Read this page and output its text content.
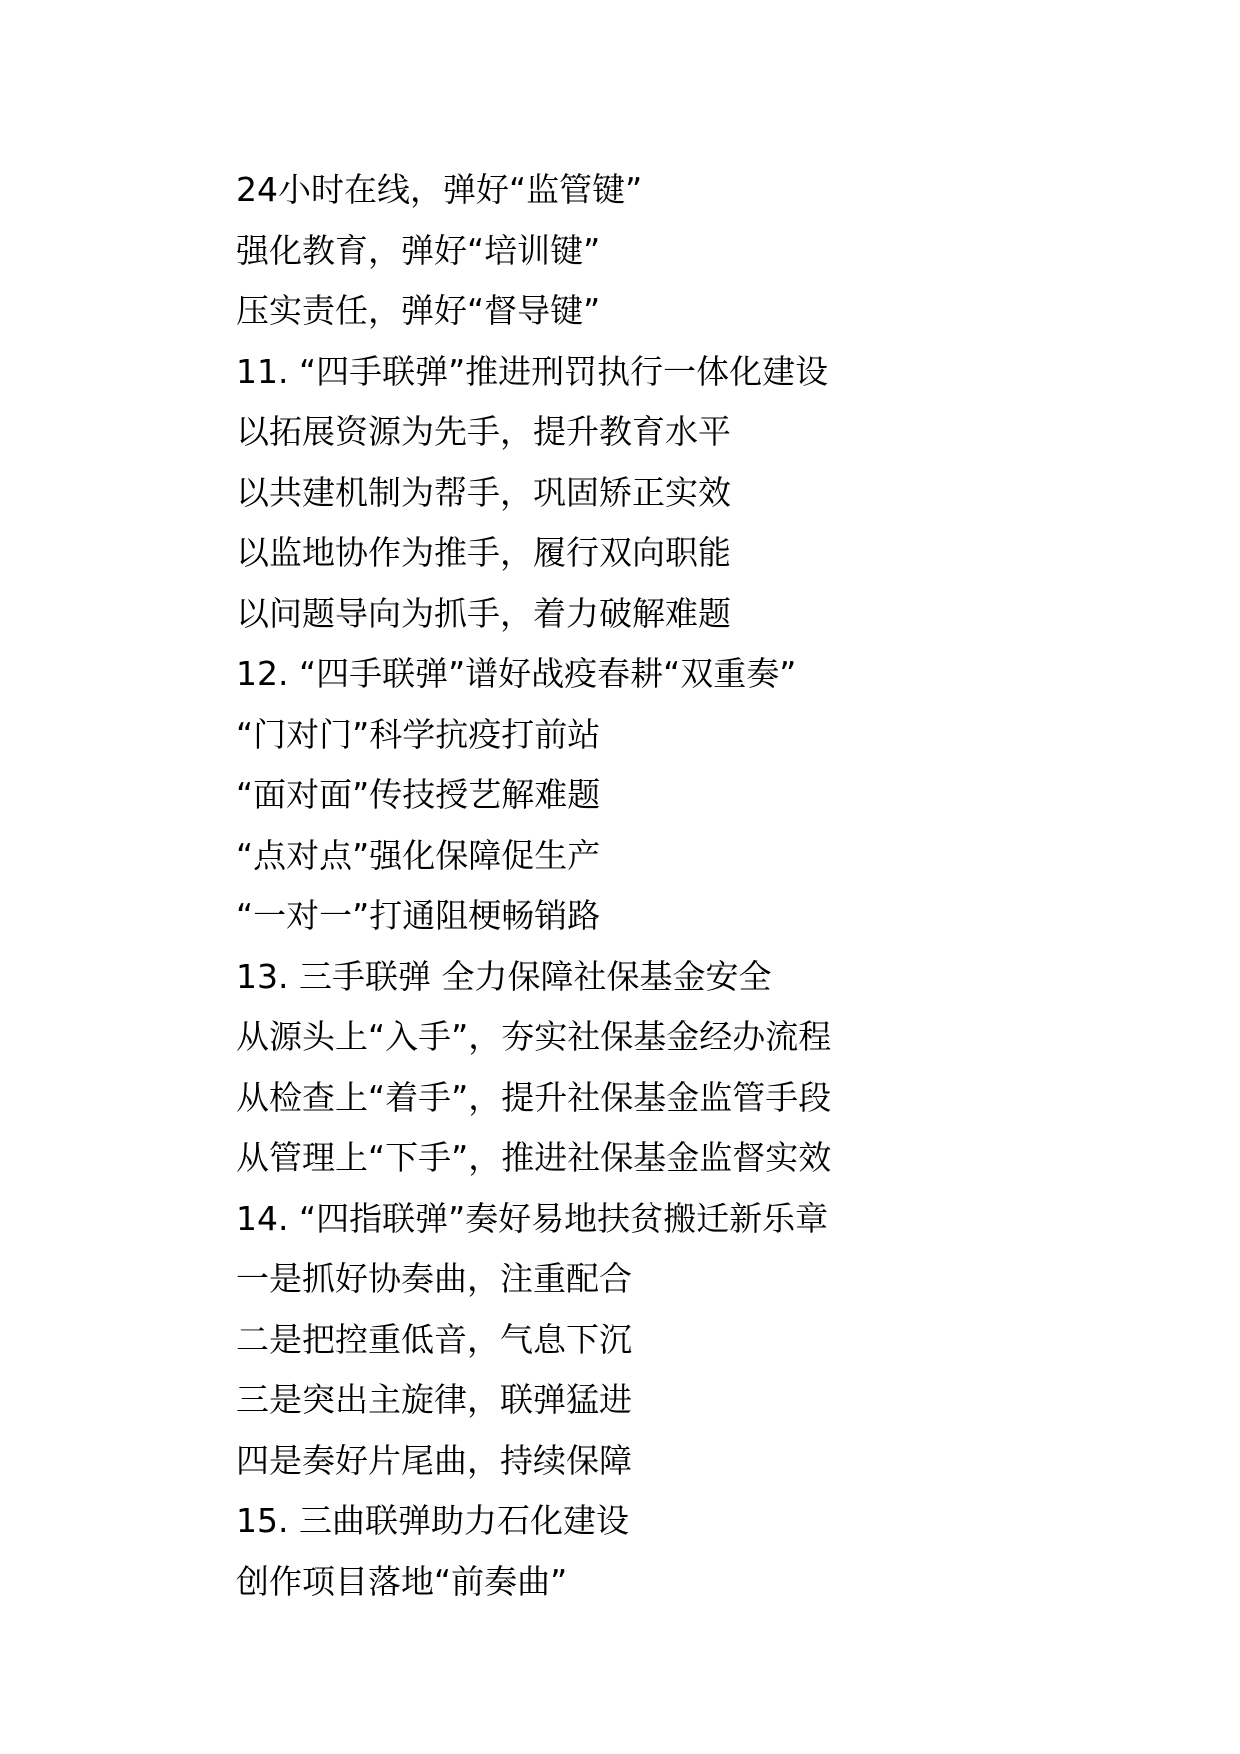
24小时在线，弹好“监管键”
强化教育，弹好“培训键”
压实责任，弹好“督导键”
11. “四手联弹”推进刑罚执行一体化建设
以拓展资源为先手，提升教育水平
以共建机制为帮手，巩固矫正实效
以监地协作为推手，履行双向职能
以问题导向为抓手，着力破解难题
12. “四手联弹”谱好战疫春耕“双重奏”
“门对门”科学抗疫打前站
“面对面”传技授艺解难题
“点对点”强化保障促生产
“一对一”打通阻梗畅销路
13. 三手联弹 全力保障社保基金安全
从源头上“入手”，夯实社保基金经办流程
从检查上“着手”，提升社保基金监管手段
从管理上“下手”，推进社保基金监督实效
14. “四指联弹”奏好易地扶贫搬迁新乐章
一是抓好协奏曲，注重配合
二是把控重低音，气息下沉
三是突出主旋律，联弹猛进
四是奏好片尾曲，持续保障
15. 三曲联弹助力石化建设
创作项目落地“前奏曲”
